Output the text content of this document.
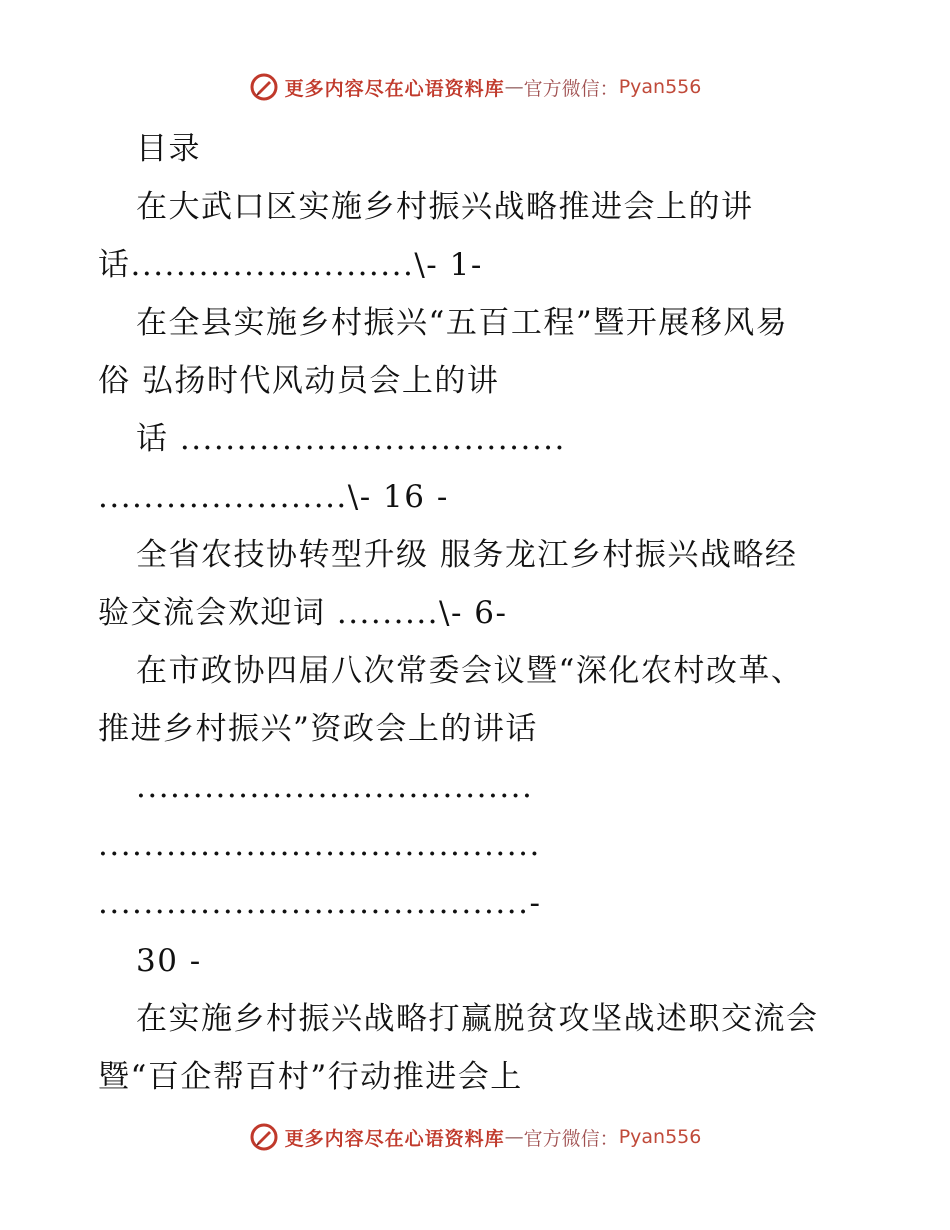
更多内容尽在心语资料库 — 官方微信： Pyan556
目录
在大武口区实施乡村振兴战略推进会上的讲
话.........................\- 1-
在全县实施乡村振兴“五百工程”暨开展移风易
俗 弘扬时代风动员会上的讲
话 ..................................
......................\- 16 -
全省农技协转型升级 服务龙江乡村振兴战略经
验交流会欢迎词 .........\- 6-
在市政协四届八次常委会议暨“深化农村改革、
推进乡村振兴”资政会上的讲话
...................................
.......................................
......................................-
30 -
在实施乡村振兴战略打赢脱贫攻坚战述职交流会
暨“百企帮百村”行动推进会上
更多内容尽在心语资料库 — 官方微信： Pyan556
